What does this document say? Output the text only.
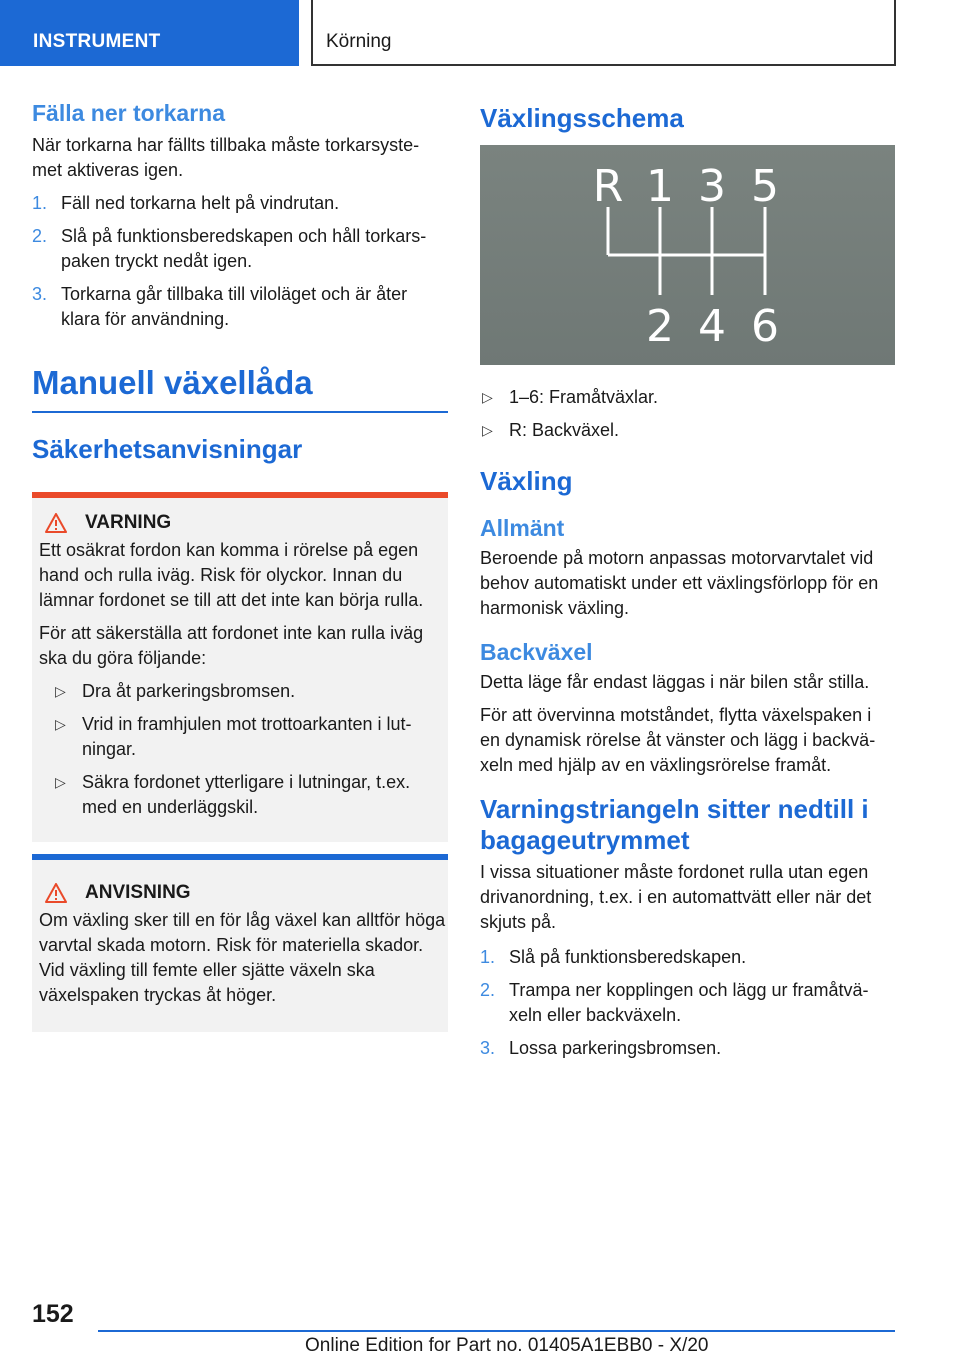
INSTRUMENT	Körning
Fälla ner torkarna

När torkarna har fällts tillbaka måste torkarsyste-met aktiveras igen.

1. Fäll ned torkarna helt på vindrutan.
2. Slå på funktionsberedskapen och håll torkars-paken tryckt nedåt igen.
3. Torkarna går tillbaka till viloläget och är åter klara för användning.
Manuell växellåda
Säkerhetsanvisningar
VARNING

Ett osäkrat fordon kan komma i rörelse på egen hand och rulla iväg. Risk för olyckor. Innan du lämnar fordonet se till att det inte kan börja rulla.

För att säkerställa att fordonet inte kan rulla iväg ska du göra följande:

▷ Dra åt parkeringsbromsen.
▷ Vrid in framhjulen mot trottoarkanten i lut-ningar.
▷ Säkra fordonet ytterligare i lutningar, t.ex. med en underläggskil.
ANVISNING

Om växling sker till en för låg växel kan alltför höga varvtal skada motorn. Risk för materiella skador. Vid växling till femte eller sjätte växeln ska växelspaken tryckas åt höger.

Växlingsschema
R 1 3 5
2 4 6
▷ 1–6: Framåtväxlar.
▷ R: Backväxel.
Växling
Allmänt

Beroende på motorn anpassas motorvarvtalet vid behov automatiskt under ett växlingsförlopp för en harmonisk växling.

Backväxel

Detta läge får endast läggas i när bilen står stilla.

För att övervinna motståndet, flytta växelspaken i en dynamisk rörelse åt vänster och lägg i backvä-xeln med hjälp av en växlingsrörelse framåt.

Varningstriangeln sitter nedtill i bagageutrymmet

I vissa situationer måste fordonet rulla utan egen drivanordning, t.ex. i en automattvätt eller när det skjuts på.

1. Slå på funktionsberedskapen.
2. Trampa ner kopplingen och lägg ur framåtvä-xeln eller backväxeln.
3. Lossa parkeringsbromsen.
152
Online Edition for Part no. 01405A1EBB0 - X/20
